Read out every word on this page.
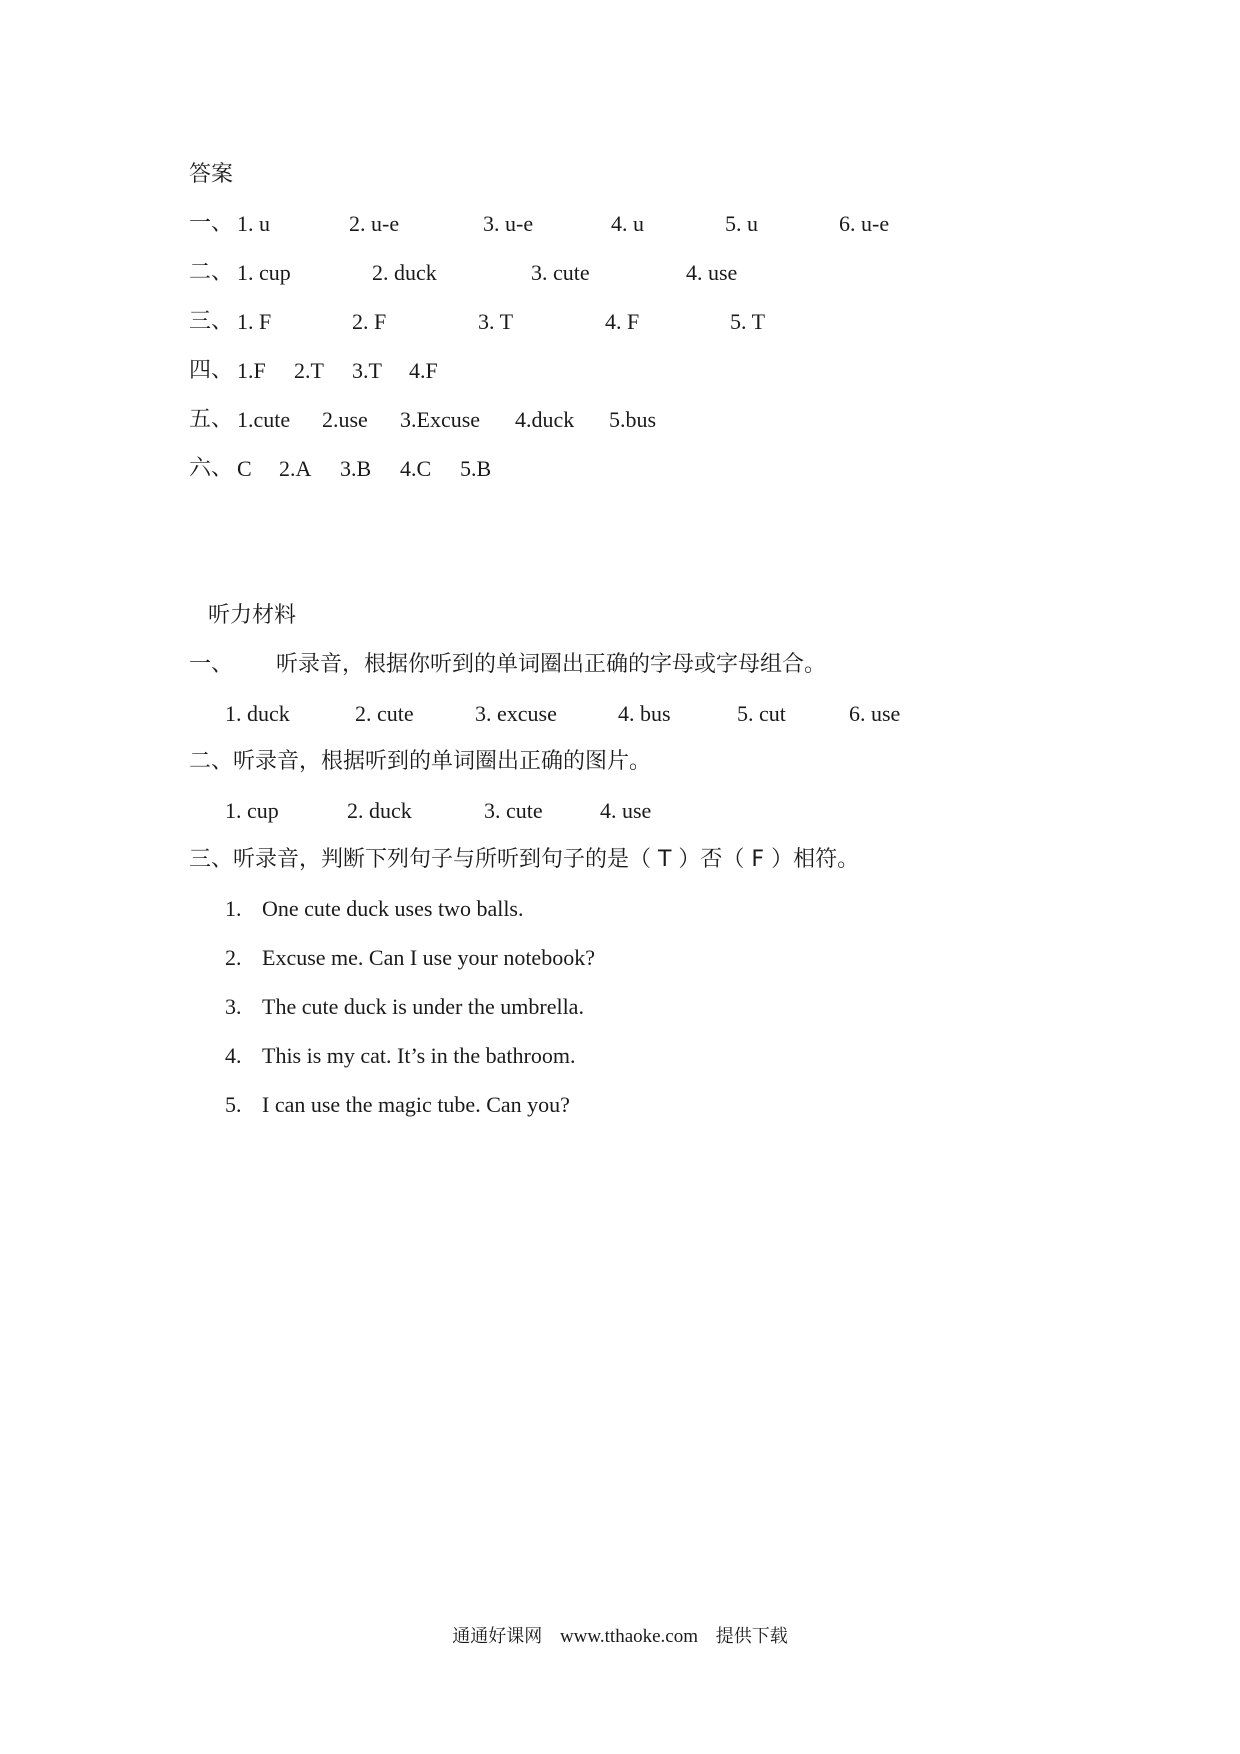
答案
一、 1. u	2. u-e	3. u-e	4. u	5. u	6. u-e
二、 1. cup	2. duck	3. cute	4. use
三、 1. F	2. F	3. T	4. F	5. T
四、 1.F 2.T 3.T 4.F
五、 1.cute 2.use 3.Excuse 4.duck 5.bus
六、 C 2.A 3.B 4.C 5.B
听力材料
一、 听录音，根据你听到的单词圈出正确的字母或字母组合。
1. duck	2. cute	3. excuse	4. bus	5. cut	6. use
二、听录音，根据听到的单词圈出正确的图片。
1. cup	2. duck	3. cute	4. use
三、听录音，判断下列句子与所听到句子的是（ T ）否（ F ）相符。
1. One cute duck uses two balls.
2. Excuse me. Can I use your notebook?
3. The cute duck is under the umbrella.
4. This is my cat. It’s in the bathroom.
5. I can use the magic tube. Can you?
通通好课网 www.tthaoke.com 提供下载
